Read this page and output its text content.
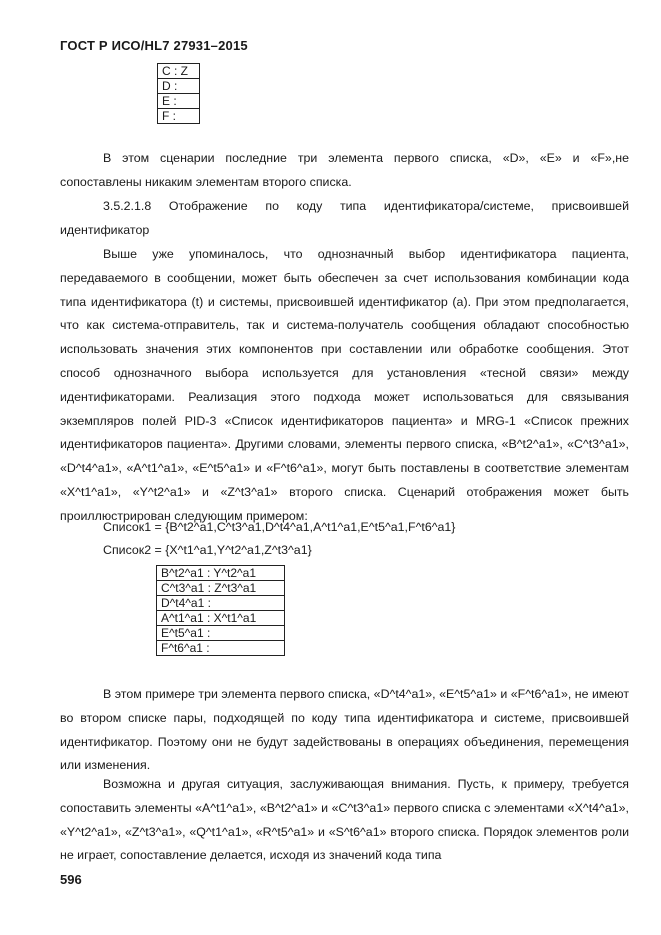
ГОСТ Р ИСО/HL7 27931–2015
C : Z
D :
E :
F :

В этом сценарии последние три элемента первого списка, «D», «E» и «F»,не сопоставлены никаким элементам второго списка.

3.5.2.1.8 Отображение по коду типа идентификатора/системе, присвоившей идентификатор

Выше уже упоминалось, что однозначный выбор идентификатора пациента, передаваемого в сообщении, может быть обеспечен за счет использования комбинации кода типа идентификатора (t) и системы, присвоившей идентификатор (a). При этом предполагается, что как система-отправитель, так и система-получатель сообщения обладают способностью использовать значения этих компонентов при составлении или обработке сообщения. Этот способ однозначного выбора используется для установления «тесной связи» между идентификаторами. Реализация этого подхода может использоваться для связывания экземпляров полей PID-3 «Список идентификаторов пациента» и MRG-1 «Список прежних идентификаторов пациента». Другими словами, элементы первого списка, «B^t2^a1», «C^t3^a1», «D^t4^a1», «A^t1^a1», «E^t5^a1» и «F^t6^a1», могут быть поставлены в соответствие элементам «X^t1^a1», «Y^t2^a1» и «Z^t3^a1» второго списка. Сценарий отображения может быть проиллюстрирован следующим примером:

Список1 = {B^t2^a1,C^t3^a1,D^t4^a1,A^t1^a1,E^t5^a1,F^t6^a1}
Список2 = {X^t1^a1,Y^t2^a1,Z^t3^a1}
B^t2^a1 : Y^t2^a1
C^t3^a1 : Z^t3^a1
D^t4^a1 :
A^t1^a1 : X^t1^a1
E^t5^a1 :
F^t6^a1 :

В этом примере три элемента первого списка, «D^t4^a1», «E^t5^a1» и «F^t6^a1», не имеют во втором списке пары, подходящей по коду типа идентификатора и системе, присвоившей идентификатор. Поэтому они не будут задействованы в операциях объединения, перемещения или изменения.

Возможна и другая ситуация, заслуживающая внимания. Пусть, к примеру, требуется сопоставить элементы «A^t1^a1», «B^t2^a1» и «C^t3^a1» первого списка с элементами «X^t4^a1», «Y^t2^a1», «Z^t3^a1», «Q^t1^a1», «R^t5^a1» и «S^t6^a1» второго списка. Порядок элементов роли не играет, сопоставление делается, исходя из значений кода типа

596
